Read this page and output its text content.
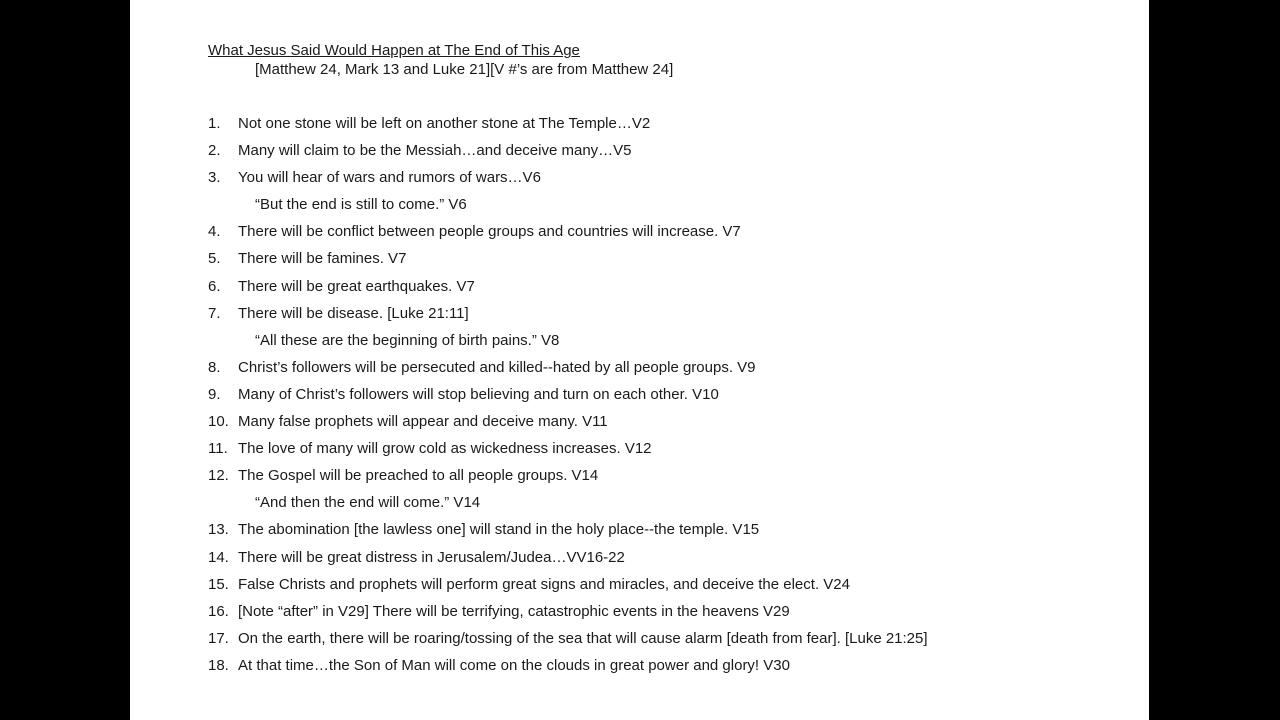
What Jesus Said Would Happen at The End of This Age
[Matthew 24, Mark 13 and Luke 21][V #’s are from Matthew 24]
1.	Not one stone will be left on another stone at The Temple…V2
2.	Many will claim to be the Messiah…and deceive many…V5
3.	You will hear of wars and rumors of wars…V6
“But the end is still to come.” V6
4.	There will be conflict between people groups and countries will increase. V7
5.	There will be famines. V7
6.	There will be great earthquakes. V7
7.	There will be disease. [Luke 21:11]
“All these are the beginning of birth pains.” V8
8.	Christ’s followers will be persecuted and killed--hated by all people groups. V9
9.	Many of Christ’s followers will stop believing and turn on each other. V10
10. Many false prophets will appear and deceive many. V11
11. The love of many will grow cold as wickedness increases. V12
12. The Gospel will be preached to all people groups. V14
“And then the end will come.” V14
13. The abomination [the lawless one] will stand in the holy place--the temple. V15
14. There will be great distress in Jerusalem/Judea…VV16-22
15. False Christs and prophets will perform great signs and miracles, and deceive the elect. V24
16. [Note “after” in V29] There will be terrifying, catastrophic events in the heavens V29
17. On the earth, there will be roaring/tossing of the sea that will cause alarm [death from fear]. [Luke 21:25]
18. At that time…the Son of Man will come on the clouds in great power and glory! V30
